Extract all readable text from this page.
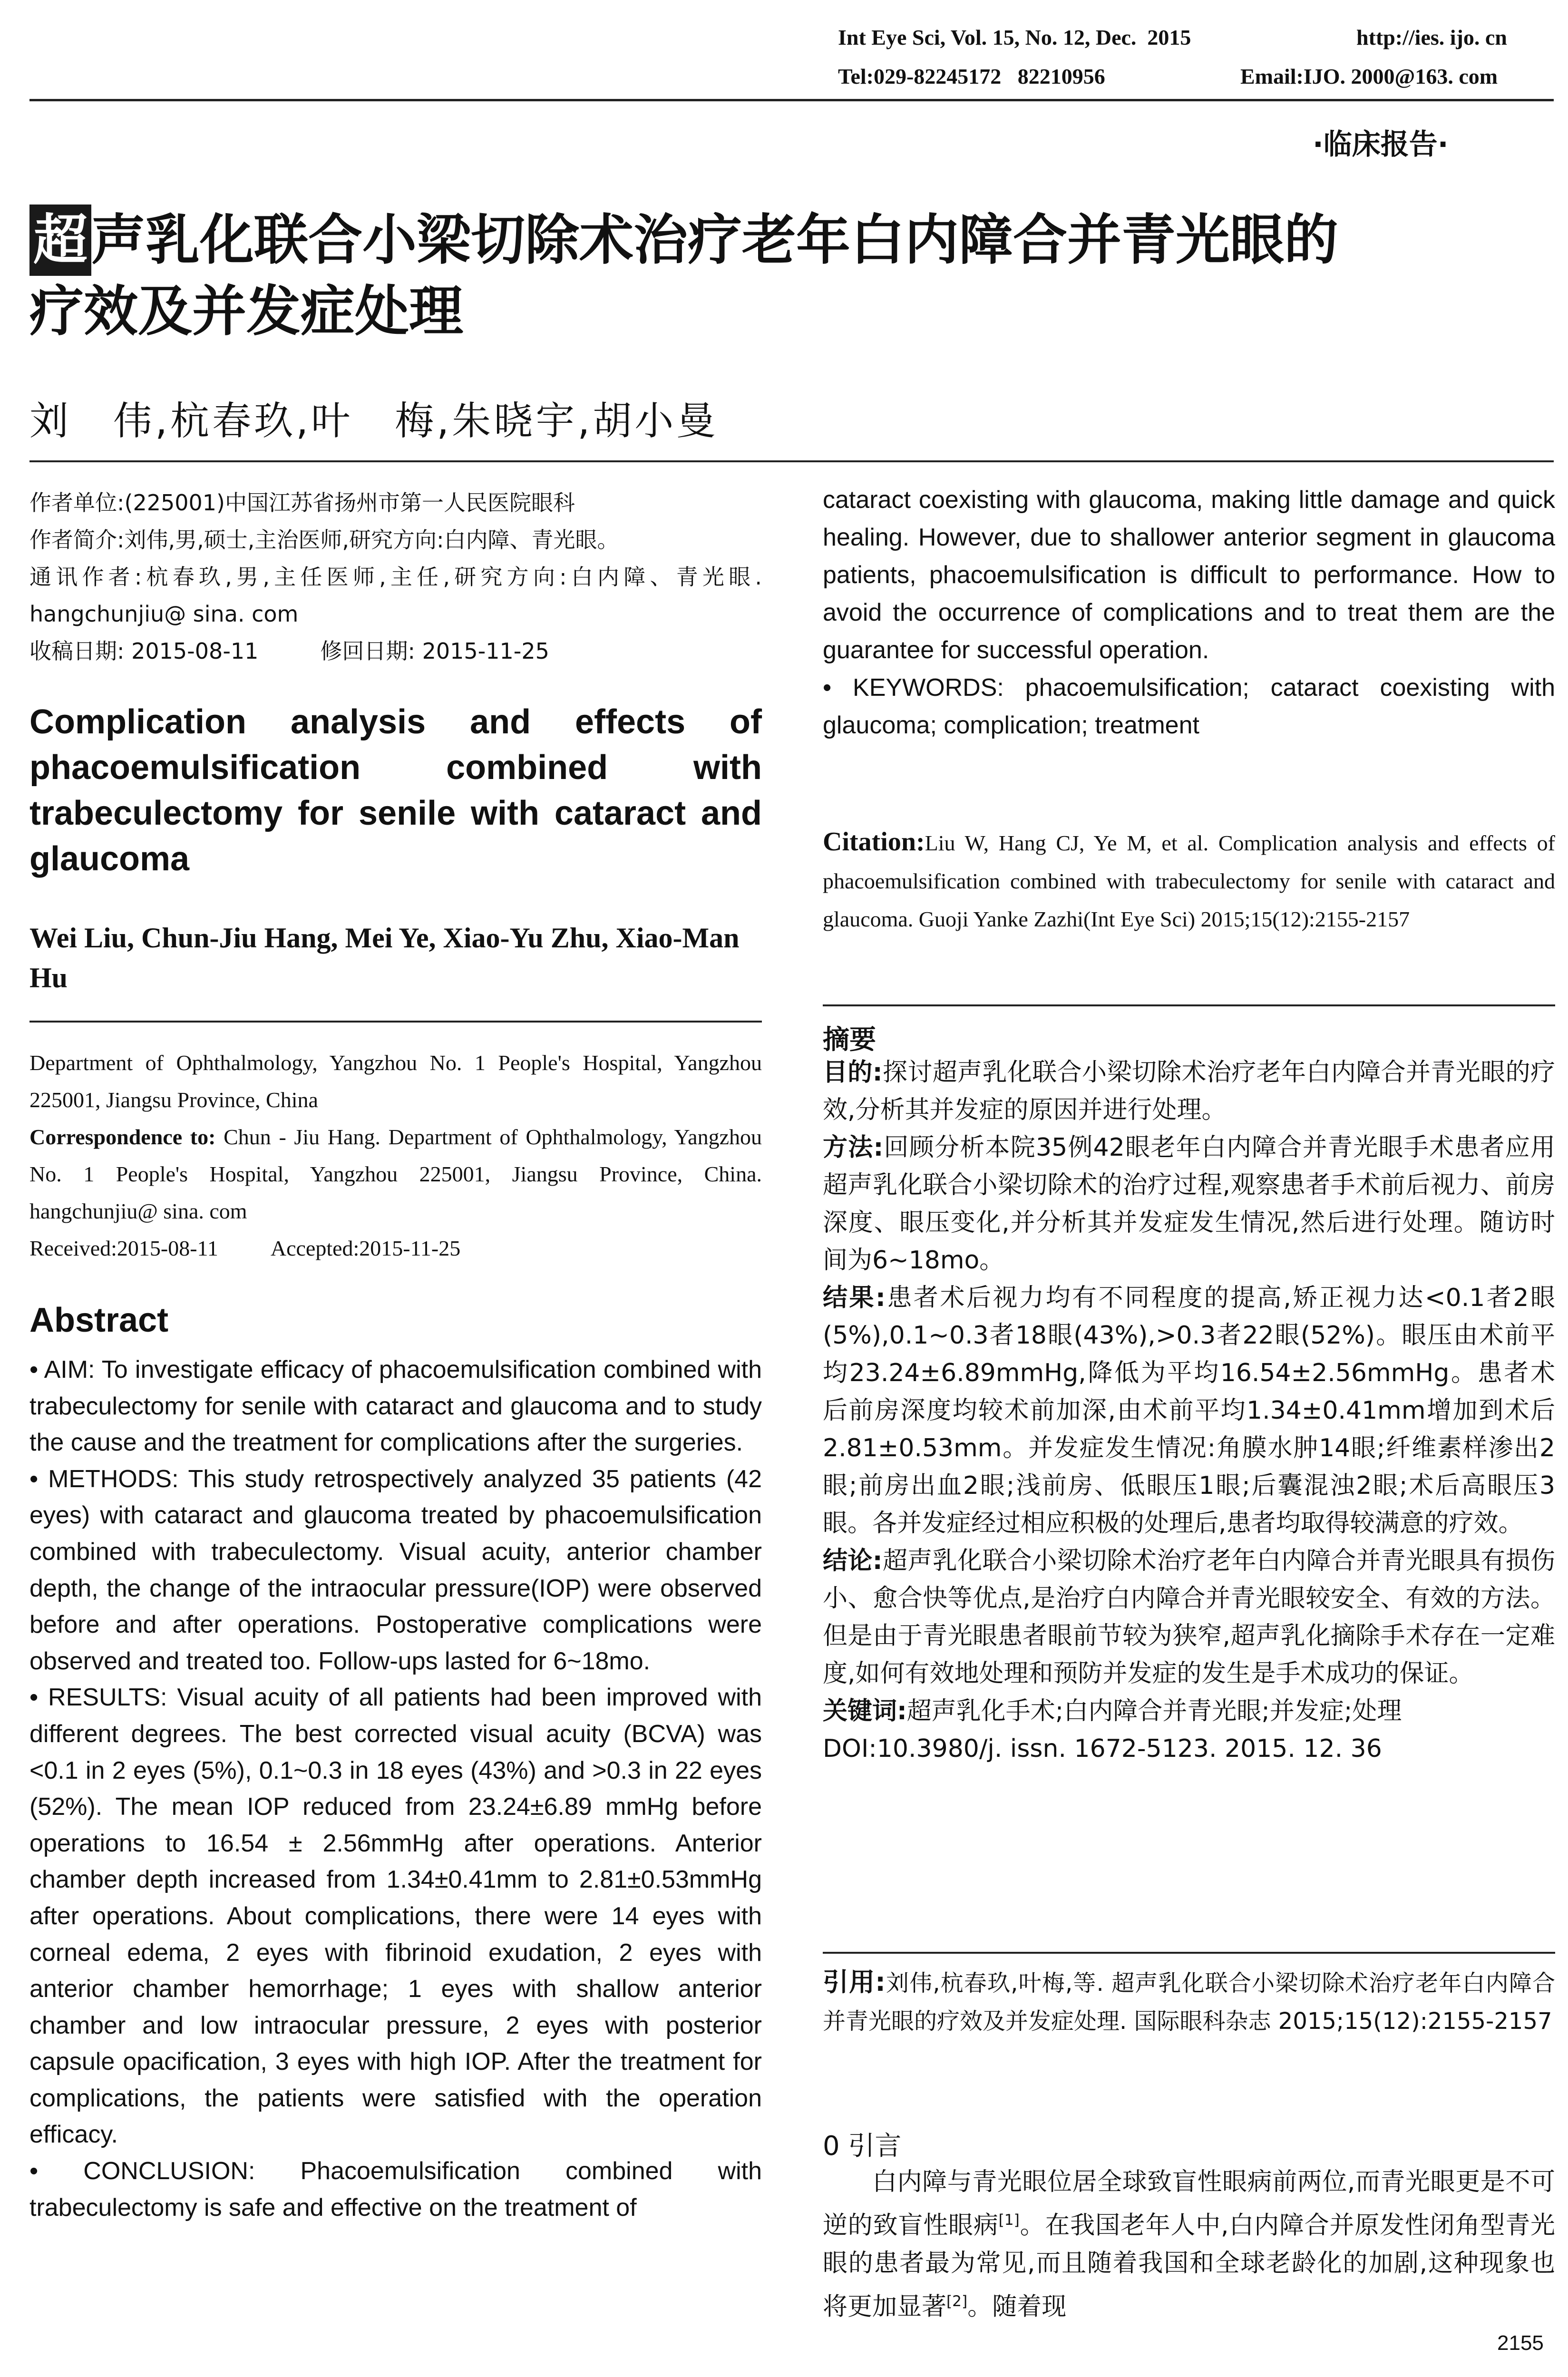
Int Eye Sci, Vol. 15, No. 12, Dec.  2015	http://ies. ijo. cn
Tel:029-82245172   82210956	Email:IJO. 2000@163. com
·临床报告·
超声乳化联合小梁切除术治疗老年白内障合并青光眼的
疗效及并发症处理
刘　伟,杭春玖,叶　梅,朱晓宇,胡小曼

作者单位:(225001)中国江苏省扬州市第一人民医院眼科

作者简介:刘伟,男,硕士,主治医师,研究方向:白内障、青光眼。

通讯作者:杭春玖,男,主任医师,主任,研究方向:白内障、青光眼. hangchunjiu@ sina. com

收稿日期: 2015-08-11	修回日期: 2015-11-25

Complication analysis and effects of phacoemulsification combined with trabeculectomy for senile with cataract and glaucoma
Wei Liu, Chun-Jiu Hang, Mei Ye, Xiao-Yu Zhu, Xiao-Man Hu

Department of Ophthalmology, Yangzhou No. 1 People's Hospital, Yangzhou 225001, Jiangsu Province, China

Correspondence to: Chun - Jiu Hang. Department of Ophthalmology, Yangzhou No. 1 People's Hospital, Yangzhou 225001, Jiangsu Province, China. hangchunjiu@ sina. com

Received:2015-08-11 Accepted:2015-11-25

Abstract

• AIM: To investigate efficacy of phacoemulsification combined with trabeculectomy for senile with cataract and glaucoma and to study the cause and the treatment for complications after the surgeries.

• METHODS: This study retrospectively analyzed 35 patients (42 eyes) with cataract and glaucoma treated by phacoemulsification combined with trabeculectomy. Visual acuity, anterior chamber depth, the change of the intraocular pressure(IOP) were observed before and after operations. Postoperative complications were observed and treated too. Follow-ups lasted for 6~18mo.

• RESULTS: Visual acuity of all patients had been improved with different degrees. The best corrected visual acuity (BCVA) was <0.1 in 2 eyes (5%), 0.1~0.3 in 18 eyes (43%) and >0.3 in 22 eyes (52%). The mean IOP reduced from 23.24±6.89 mmHg before operations to 16.54 ± 2.56mmHg after operations. Anterior chamber depth increased from 1.34±0.41mm to 2.81±0.53mmHg after operations. About complications, there were 14 eyes with corneal edema, 2 eyes with fibrinoid exudation, 2 eyes with anterior chamber hemorrhage; 1 eyes with shallow anterior chamber and low intraocular pressure, 2 eyes with posterior capsule opacification, 3 eyes with high IOP. After the treatment for complications, the patients were satisfied with the operation efficacy.

• CONCLUSION: Phacoemulsification combined with trabeculectomy is safe and effective on the treatment of

cataract coexisting with glaucoma, making little damage and quick healing. However, due to shallower anterior segment in glaucoma patients, phacoemulsification is difficult to performance. How to avoid the occurrence of complications and to treat them are the guarantee for successful operation.

• KEYWORDS: phacoemulsification; cataract coexisting with glaucoma; complication; treatment

Citation:Liu W, Hang CJ, Ye M, et al. Complication analysis and effects of phacoemulsification combined with trabeculectomy for senile with cataract and glaucoma. Guoji Yanke Zazhi(Int Eye Sci) 2015;15(12):2155-2157
摘要

目的:探讨超声乳化联合小梁切除术治疗老年白内障合并青光眼的疗效,分析其并发症的原因并进行处理。

方法:回顾分析本院35例42眼老年白内障合并青光眼手术患者应用超声乳化联合小梁切除术的治疗过程,观察患者手术前后视力、前房深度、眼压变化,并分析其并发症发生情况,然后进行处理。随访时间为6~18mo。

结果:患者术后视力均有不同程度的提高,矫正视力达<0.1者2眼(5%),0.1~0.3者18眼(43%),>0.3者22眼(52%)。眼压由术前平均23.24±6.89mmHg,降低为平均16.54±2.56mmHg。患者术后前房深度均较术前加深,由术前平均1.34±0.41mm增加到术后2.81±0.53mm。并发症发生情况:角膜水肿14眼;纤维素样渗出2眼;前房出血2眼;浅前房、低眼压1眼;后囊混浊2眼;术后高眼压3眼。各并发症经过相应积极的处理后,患者均取得较满意的疗效。

结论:超声乳化联合小梁切除术治疗老年白内障合并青光眼具有损伤小、愈合快等优点,是治疗白内障合并青光眼较安全、有效的方法。但是由于青光眼患者眼前节较为狭窄,超声乳化摘除手术存在一定难度,如何有效地处理和预防并发症的发生是手术成功的保证。

关键词:超声乳化手术;白内障合并青光眼;并发症;处理

DOI:10.3980/j. issn. 1672-5123. 2015. 12. 36

引用:刘伟,杭春玖,叶梅,等. 超声乳化联合小梁切除术治疗老年白内障合并青光眼的疗效及并发症处理. 国际眼科杂志 2015;15(12):2155-2157
0 引言
白内障与青光眼位居全球致盲性眼病前两位,而青光眼更是不可逆的致盲性眼病[1]。在我国老年人中,白内障合并原发性闭角型青光眼的患者最为常见,而且随着我国和全球老龄化的加剧,这种现象也将更加显著[2]。随着现
2155
